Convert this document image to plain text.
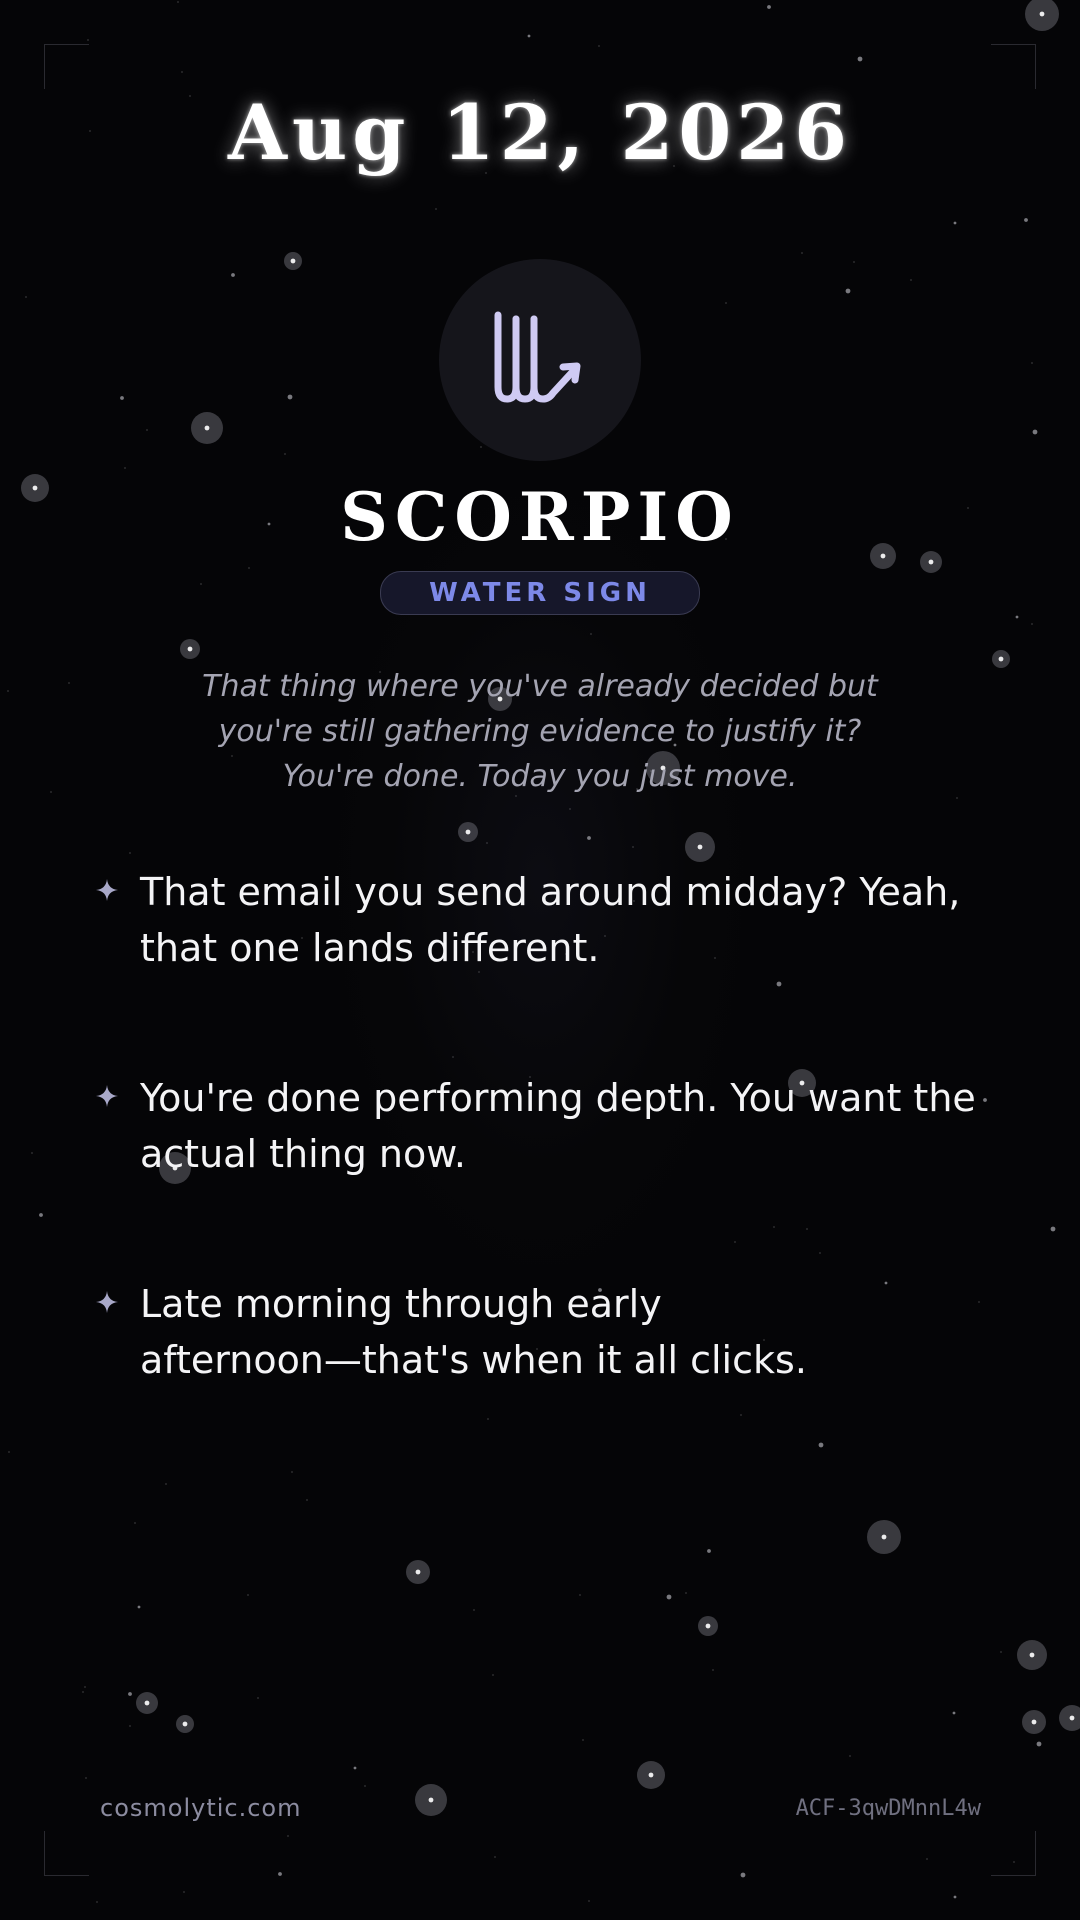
Aug 12, 2026
SCORPIO
WATER SIGN
That thing where you've already decided but
you're still gathering evidence to justify it?
You're done. Today you just move.
That email you send around midday? Yeah,
that one lands different.
You're done performing depth. You want the
actual thing now.
Late morning through early
afternoon—that's when it all clicks.
cosmolytic.com	ACF-3qwDMnnL4w
